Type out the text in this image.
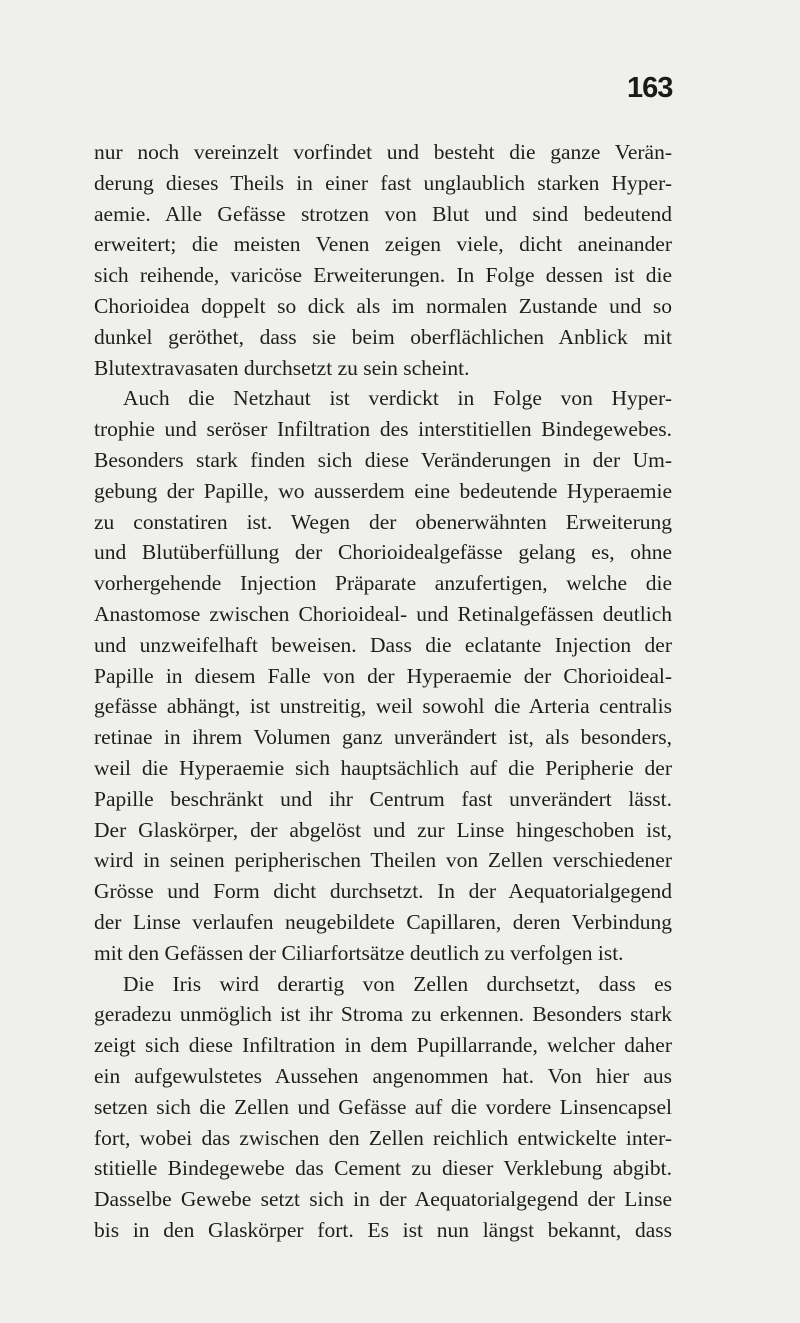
163
nur noch vereinzelt vorfindet und besteht die ganze Verän-
derung dieses Theils in einer fast unglaublich starken Hyper-
aemie. Alle Gefässe strotzen von Blut und sind bedeutend
erweitert; die meisten Venen zeigen viele, dicht aneinander
sich reihende, varicöse Erweiterungen. In Folge dessen ist die
Chorioidea doppelt so dick als im normalen Zustande und so
dunkel geröthet, dass sie beim oberflächlichen Anblick mit
Blutextravasaten durchsetzt zu sein scheint.
Auch die Netzhaut ist verdickt in Folge von Hyper-
trophie und seröser Infiltration des interstitiellen Bindegewebes.
Besonders stark finden sich diese Veränderungen in der Um-
gebung der Papille, wo ausserdem eine bedeutende Hyperaemie
zu constatiren ist. Wegen der obenerwähnten Erweiterung
und Blutüberfüllung der Chorioidealgefässe gelang es, ohne
vorhergehende Injection Präparate anzufertigen, welche die
Anastomose zwischen Chorioideal- und Retinalgefässen deutlich
und unzweifelhaft beweisen. Dass die eclatante Injection der
Papille in diesem Falle von der Hyperaemie der Chorioideal-
gefässe abhängt, ist unstreitig, weil sowohl die Arteria centralis
retinae in ihrem Volumen ganz unverändert ist, als besonders,
weil die Hyperaemie sich hauptsächlich auf die Peripherie der
Papille beschränkt und ihr Centrum fast unverändert lässt.
Der Glaskörper, der abgelöst und zur Linse hingeschoben ist,
wird in seinen peripherischen Theilen von Zellen verschiedener
Grösse und Form dicht durchsetzt. In der Aequatorialgegend
der Linse verlaufen neugebildete Capillaren, deren Verbindung
mit den Gefässen der Ciliarfortsätze deutlich zu verfolgen ist.
Die Iris wird derartig von Zellen durchsetzt, dass es
geradezu unmöglich ist ihr Stroma zu erkennen. Besonders stark
zeigt sich diese Infiltration in dem Pupillarrande, welcher daher
ein aufgewulstetes Aussehen angenommen hat. Von hier aus
setzen sich die Zellen und Gefässe auf die vordere Linsencapsel
fort, wobei das zwischen den Zellen reichlich entwickelte inter-
stitielle Bindegewebe das Cement zu dieser Verklebung abgibt.
Dasselbe Gewebe setzt sich in der Aequatorialgegend der Linse
bis in den Glaskörper fort. Es ist nun längst bekannt, dass
